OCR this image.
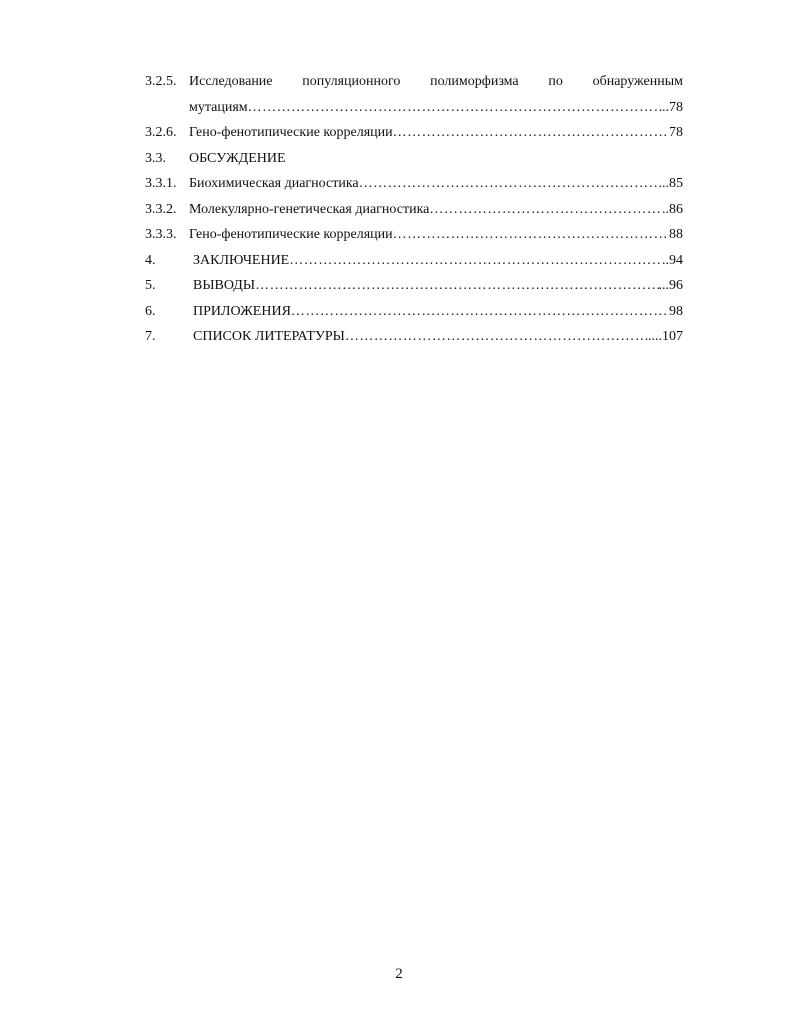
3.2.5. Исследование популяционного полиморфизма по обнаруженным
мутациям ………………………………………………………………………………………………………………………………	..78
3.2.6. Гено-фенотипические корреляции ………………………………………………………………………………………………………………………………	78
3.3.	ОБСУЖДЕНИЕ
3.3.1. Биохимическая диагностика ………………………………………………………………………………………………………………………………	...85
3.3.2. Молекулярно-генетическая диагностика ………………………………………………………………………………………………………………………………	..86
3.3.3. Гено-фенотипические корреляции ………………………………………………………………………………………………………………………………	88
4.	ЗАКЛЮЧЕНИЕ ………………………………………………………………………………………………………………………………	..94
5.	ВЫВОДЫ ………………………………………………………………………………………………………………………………	...96
6.	ПРИЛОЖЕНИЯ ………………………………………………………………………………………………………………………………	98
7.	СПИСОК ЛИТЕРАТУРЫ ………………………………………………………………………………………………………………………………	....107
2
